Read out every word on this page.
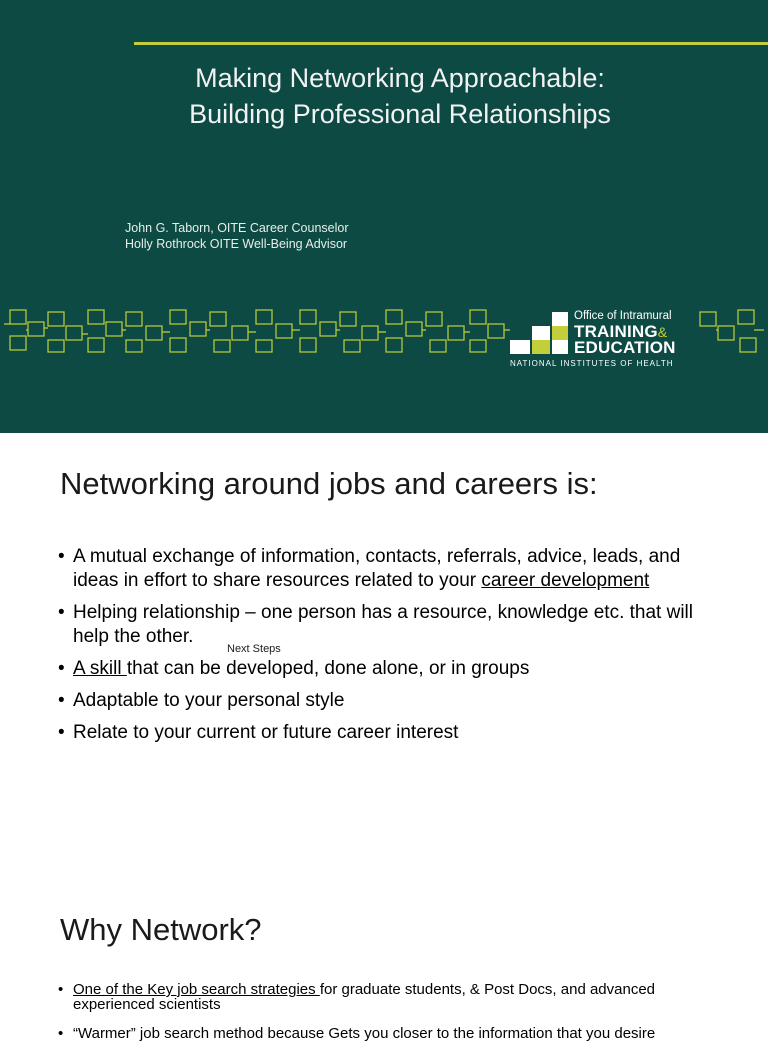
Making Networking Approachable:
Building Professional Relationships
John G. Taborn, OITE Career Counselor
Holly Rothrock OITE Well-Being Advisor
Office of Intramural
TRAINING&
EDUCATION
NATIONAL INSTITUTES OF HEALTH
Networking around jobs and careers is:
• A mutual exchange of information, contacts, referrals, advice, leads, and ideas in effort to share resources related to your career development
• Helping relationship – one person has a resource, knowledge etc. that will help the other.
• A skill that can be developed, done alone, or in groups
• Adaptable to your personal style
• Relate to your current or future career interest
Next Steps
Why Network?
• One of the Key job search strategies for graduate students, & Post Docs, and advanced experienced scientists
• “Warmer” job search method because Gets you closer to the information that you desire
